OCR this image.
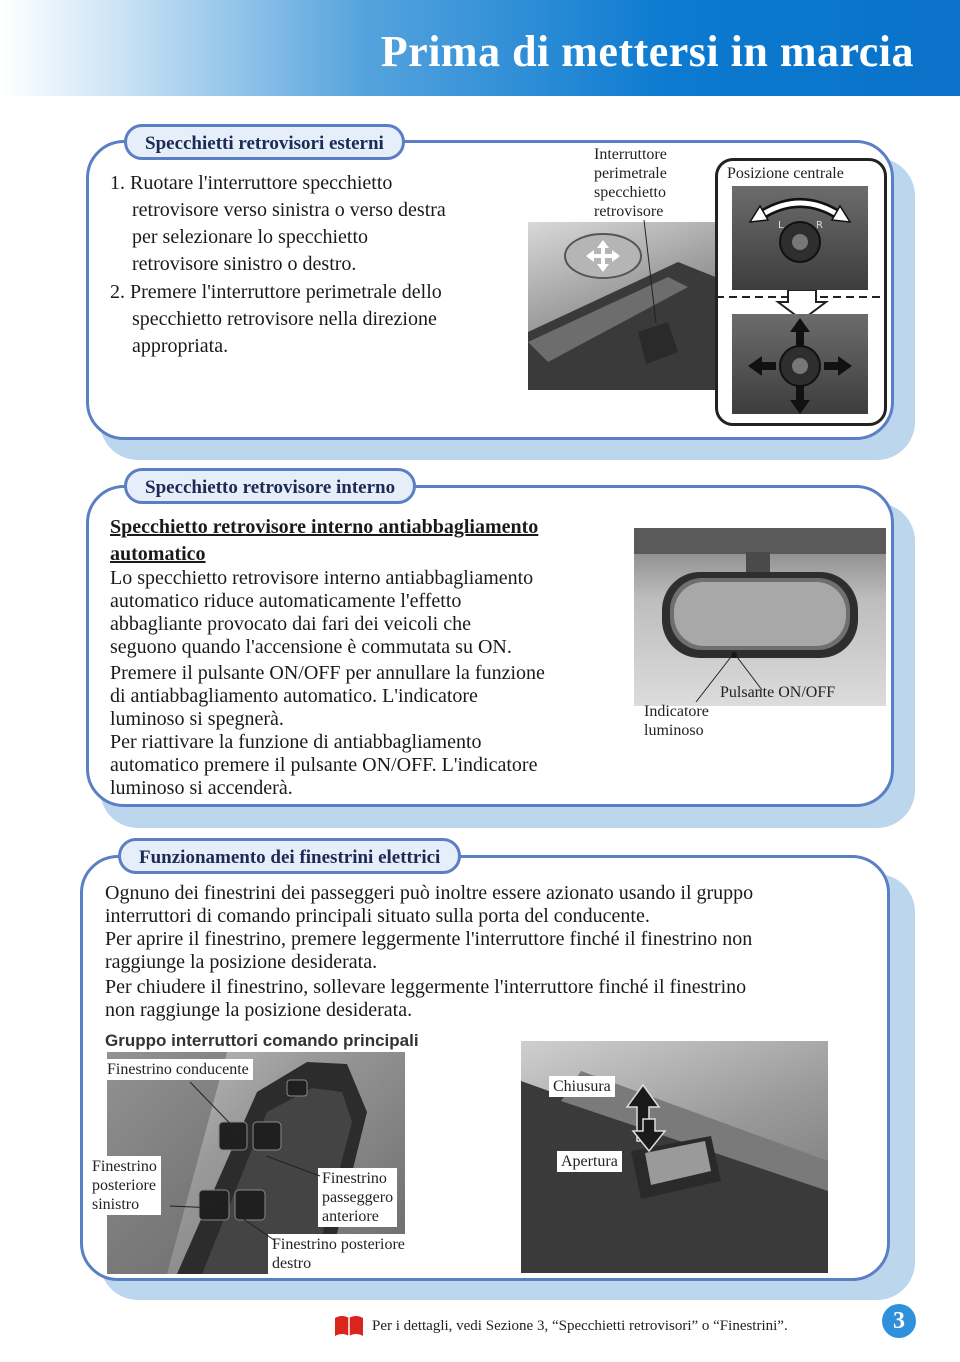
Prima di mettersi in marcia
Specchietti retrovisori esterni
1. Ruotare l'interruttore specchietto
retrovisore verso sinistra o verso destra
per selezionare lo specchietto
retrovisore sinistro o destro.
2. Premere l'interruttore perimetrale dello
specchietto retrovisore nella direzione
appropriata.
Interruttore
perimetrale
specchietto
retrovisore
Posizione centrale
L	R
Specchietto retrovisore interno
Specchietto retrovisore interno antiabbagliamento
automatico
Lo specchietto retrovisore interno antiabbagliamento
automatico riduce automaticamente l'effetto
abbagliante provocato dai fari dei veicoli che
seguono quando l'accensione è commutata su ON.
Premere il pulsante ON/OFF per annullare la funzione
di antiabbagliamento automatico. L'indicatore
luminoso si spegnerà.
Per riattivare la funzione di antiabbagliamento
automatico premere il pulsante ON/OFF. L'indicatore
luminoso si accenderà.
Pulsante ON/OFF
Indicatore
luminoso
Funzionamento dei finestrini elettrici
Ognuno dei finestrini dei passeggeri può inoltre essere azionato usando il gruppo
interruttori di comando principali situato sulla porta del conducente.
Per aprire il finestrino, premere leggermente l'interruttore finché il finestrino non
raggiunge la posizione desiderata.
Per chiudere il finestrino, sollevare leggermente l'interruttore finché il finestrino
non raggiunge la posizione desiderata.
Gruppo interruttori comando principali
Finestrino conducente
Finestrino
posteriore
sinistro
Finestrino
passeggero
anteriore
Finestrino posteriore
destro
Chiusura
Apertura
Per i dettagli, vedi Sezione 3, “Specchietti retrovisori” o “Finestrini”.	3
